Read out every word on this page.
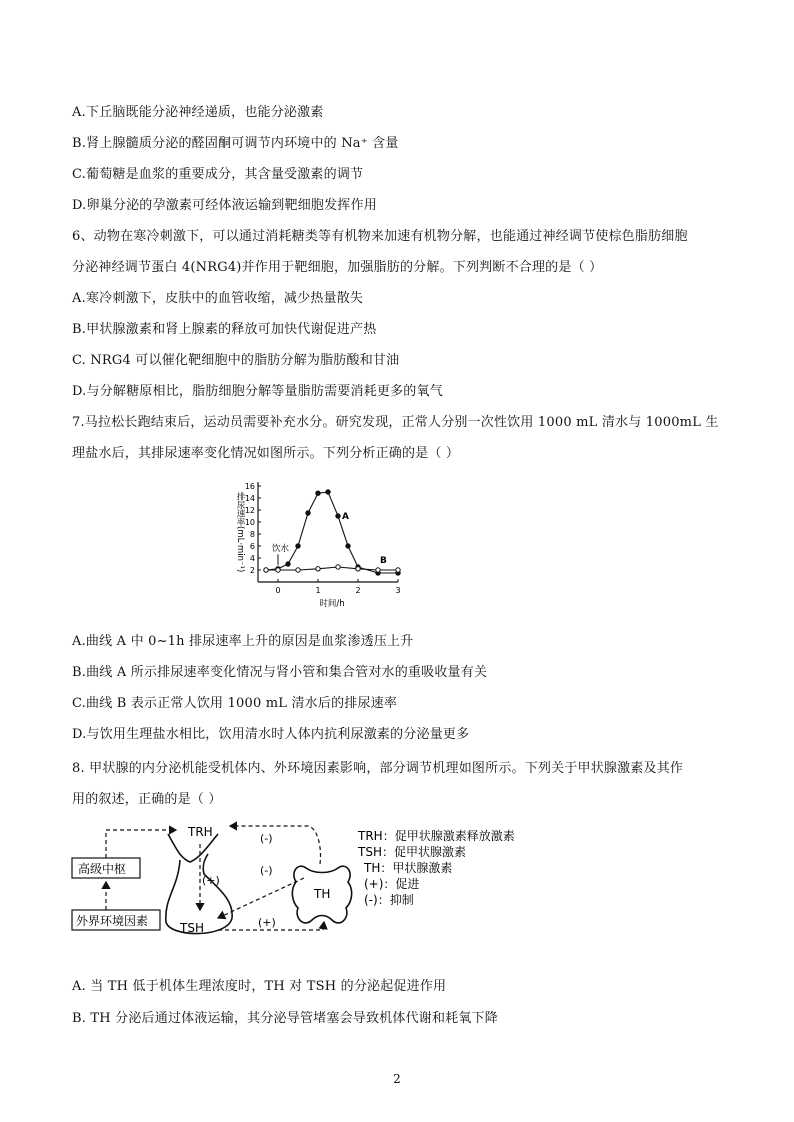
A.下丘脑既能分泌神经递质，也能分泌激素
B.肾上腺髓质分泌的醛固酮可调节内环境中的 Na⁺ 含量
C.葡萄糖是血浆的重要成分，其含量受激素的调节
D.卵巢分泌的孕激素可经体液运输到靶细胞发挥作用
6、动物在寒冷刺激下，可以通过消耗糖类等有机物来加速有机物分解，也能通过神经调节使棕色脂肪细胞
分泌神经调节蛋白 4(NRG4)并作用于靶细胞，加强脂肪的分解。下列判断不合理的是（ ）
A.寒冷刺激下，皮肤中的血管收缩，减少热量散失
B.甲状腺激素和肾上腺素的释放可加快代谢促进产热
C. NRG4 可以催化靶细胞中的脂肪分解为脂肪酸和甘油
D.与分解糖原相比，脂肪细胞分解等量脂肪需要消耗更多的氧气
7.马拉松长跑结束后，运动员需要补充水分。研究发现，正常人分别一次性饮用 1000 mL 清水与 1000mL 生
理盐水后，其排尿速率变化情况如图所示。下列分析正确的是（ ）
2
4
6
8
10
12
14
16
0	1	2	3
时间/h
排尿速率(mL·min⁻¹)	饮水
A
B
A.曲线 A 中 0~1h 排尿速率上升的原因是血浆渗透压上升
B.曲线 A 所示排尿速率变化情况与肾小管和集合管对水的重吸收量有关
C.曲线 B 表示正常人饮用 1000 mL 清水后的排尿速率
D.与饮用生理盐水相比，饮用清水时人体内抗利尿激素的分泌量更多
8. 甲状腺的内分泌机能受机体内、外环境因素影响，部分调节机理如图所示。下列关于甲状腺激素及其作
用的叙述，正确的是（ ）
TRH
TSH
TH
高级中枢
外界环境因素
(-)
(-)
(+)
(+)
TRH：促甲状腺激素释放激素
TSH：促甲状腺激素
TH：甲状腺激素
(+)：促进
(-)：抑制
A. 当 TH 低于机体生理浓度时，TH 对 TSH 的分泌起促进作用
B. TH 分泌后通过体液运输，其分泌导管堵塞会导致机体代谢和耗氧下降
2
